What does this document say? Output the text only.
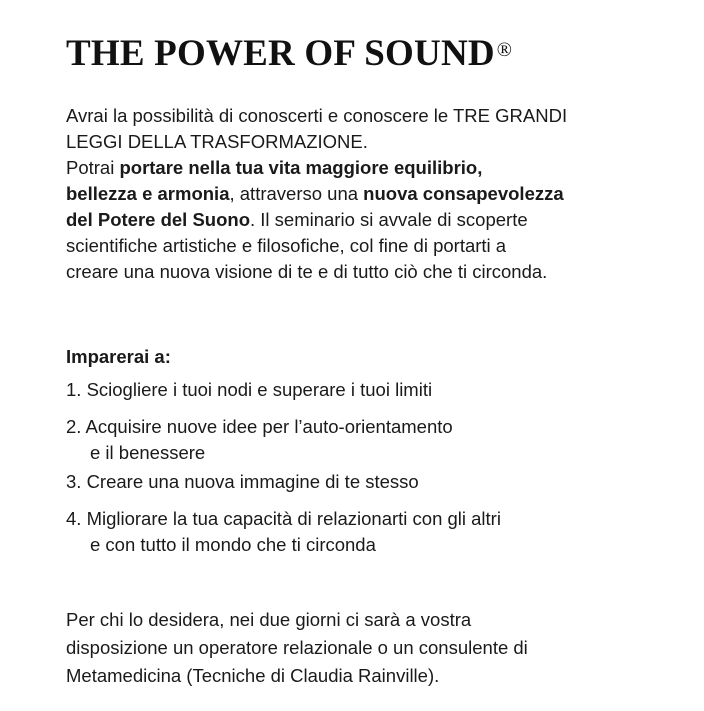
THE POWER OF SOUND ®
Avrai la possibilità di conoscerti e conoscere le TRE GRANDI
LEGGI DELLA TRASFORMAZIONE.
Potrai portare nella tua vita maggiore equilibrio,
bellezza e armonia, attraverso una nuova consapevolezza
del Potere del Suono. Il seminario si avvale di scoperte
scientifiche artistiche e filosofiche, col fine di portarti a
creare una nuova visione di te e di tutto ciò che ti circonda.
Imparerai a:
1. Sciogliere i tuoi nodi e superare i tuoi limiti
2. Acquisire nuove idee per l’auto-orientamento
e il benessere
3. Creare una nuova immagine di te stesso
4. Migliorare la tua capacità di relazionarti con gli altri
e con tutto il mondo che ti circonda
Per chi lo desidera, nei due giorni ci sarà a vostra
disposizione un operatore relazionale o un consulente di
Metamedicina (Tecniche di Claudia Rainville).
